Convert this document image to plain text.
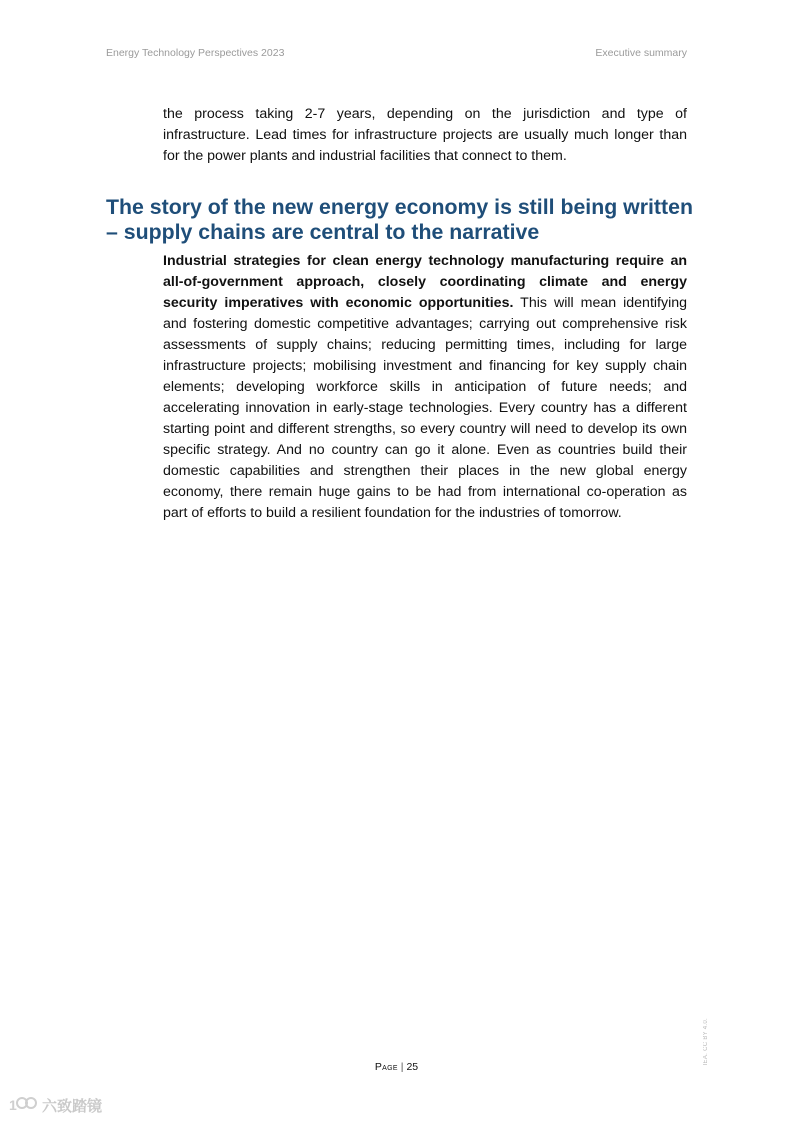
Energy Technology Perspectives 2023	Executive summary

the process taking 2-7 years, depending on the jurisdiction and type of infrastructure. Lead times for infrastructure projects are usually much longer than for the power plants and industrial facilities that connect to them.

The story of the new energy economy is still being written – supply chains are central to the narrative

Industrial strategies for clean energy technology manufacturing require an all-of-government approach, closely coordinating climate and energy security imperatives with economic opportunities. This will mean identifying and fostering domestic competitive advantages; carrying out comprehensive risk assessments of supply chains; reducing permitting times, including for large infrastructure projects; mobilising investment and financing for key supply chain elements; developing workforce skills in anticipation of future needs; and accelerating innovation in early-stage technologies. Every country has a different starting point and different strengths, so every country will need to develop its own specific strategy. And no country can go it alone. Even as countries build their domestic capabilities and strengthen their places in the new global energy economy, there remain huge gains to be had from international co-operation as part of efforts to build a resilient foundation for the industries of tomorrow.

Page | 25
IEA. CC BY 4.0.
1 六致踏镜
